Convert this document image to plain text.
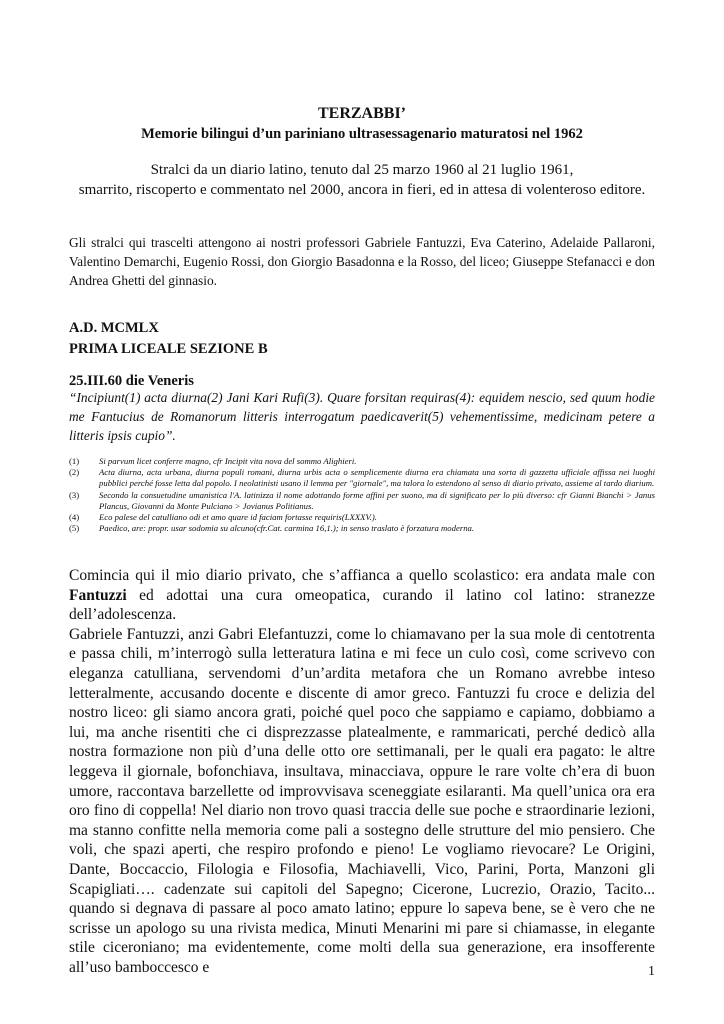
TERZABBI’
Memorie bilingui d’un pariniano ultrasessagenario maturatosi nel 1962

Stralci da un diario latino, tenuto dal 25 marzo 1960 al 21 luglio 1961,
smarrito, riscoperto e commentato nel 2000, ancora in fieri, ed in attesa di volenteroso editore.

Gli stralci qui trascelti attengono ai nostri professori Gabriele Fantuzzi, Eva Caterino, Adelaide Pallaroni, Valentino Demarchi, Eugenio Rossi, don Giorgio Basadonna e la Rosso, del liceo; Giuseppe Stefanacci e don Andrea Ghetti del ginnasio.

A.D. MCMLX
PRIMA LICEALE SEZIONE B
25.III.60 die Veneris

“Incipiunt(1) acta diurna(2) Jani Kari Rufi(3). Quare forsitan requiras(4): equidem nescio, sed quum hodie me Fantucius de Romanorum litteris interrogatum paedicaverit(5) vehementissime, medicinam petere a litteris ipsis cupio”.

(1)	Si parvum licet conferre magno, cfr Incipit vita nova del sommo Alighieri.
(2)	Acta diurna, acta urbana, diurna populi romani, diurna urbis acta o semplicemente diurna era chiamata una sorta di gazzetta ufficiale affissa nei luoghi pubblici perché fosse letta dal popolo. I neolatinisti usano il lemma per "giornale", ma talora lo estendono al senso di diario privato, assieme al tardo diarium.
(3)	Secondo la consuetudine umanistica l'A. latinizza il nome adottando forme affini per suono, ma di significato per lo più diverso: cfr Gianni Bianchi > Janus Plancus, Giovanni da Monte Pulciano > Jovianus Politianus.
(4)	Eco palese del catulliano odi et amo quare id faciam fortasse requiris(LXXXV.).
(5)	Paedico, are: propr. usar sodomia su alcuno(cfr.Cat. carmina 16,1.); in senso traslato è forzatura moderna.

Comincia qui il mio diario privato, che s’affianca a quello scolastico: era andata male con Fantuzzi ed adottai una cura omeopatica, curando il latino col latino: stranezze dell’adolescenza.

Gabriele Fantuzzi, anzi Gabri Elefantuzzi, come lo chiamavano per la sua mole di centotrenta e passa chili, m’interrogò sulla letteratura latina e mi fece un culo così, come scrivevo con eleganza catulliana, servendomi d’un’ardita metafora che un Romano avrebbe inteso letteralmente, accusando docente e discente di amor greco. Fantuzzi fu croce e delizia del nostro liceo: gli siamo ancora grati, poiché quel poco che sappiamo e capiamo, dobbiamo a lui, ma anche risentiti che ci disprezzasse platealmente, e rammaricati, perché dedicò alla nostra formazione non più d’una delle otto ore settimanali, per le quali era pagato: le altre leggeva il giornale, bofonchiava, insultava, minacciava, oppure le rare volte ch’era di buon umore, raccontava barzellette od improvvisava sceneggiate esilaranti. Ma quell’unica ora era oro fino di coppella! Nel diario non trovo quasi traccia delle sue poche e straordinarie lezioni, ma stanno confitte nella memoria come pali a sostegno delle strutture del mio pensiero. Che voli, che spazi aperti, che respiro profondo e pieno! Le vogliamo rievocare? Le Origini, Dante, Boccaccio, Filologia e Filosofia, Machiavelli, Vico, Parini, Porta, Manzoni gli Scapigliati…. cadenzate sui capitoli del Sapegno; Cicerone, Lucrezio, Orazio, Tacito... quando si degnava di passare al poco amato latino; eppure lo sapeva bene, se è vero che ne scrisse un apologo su una rivista medica, Minuti Menarini mi pare si chiamasse, in elegante stile ciceroniano; ma evidentemente, come molti della sua generazione, era insofferente all’uso bamboccesco e	1
